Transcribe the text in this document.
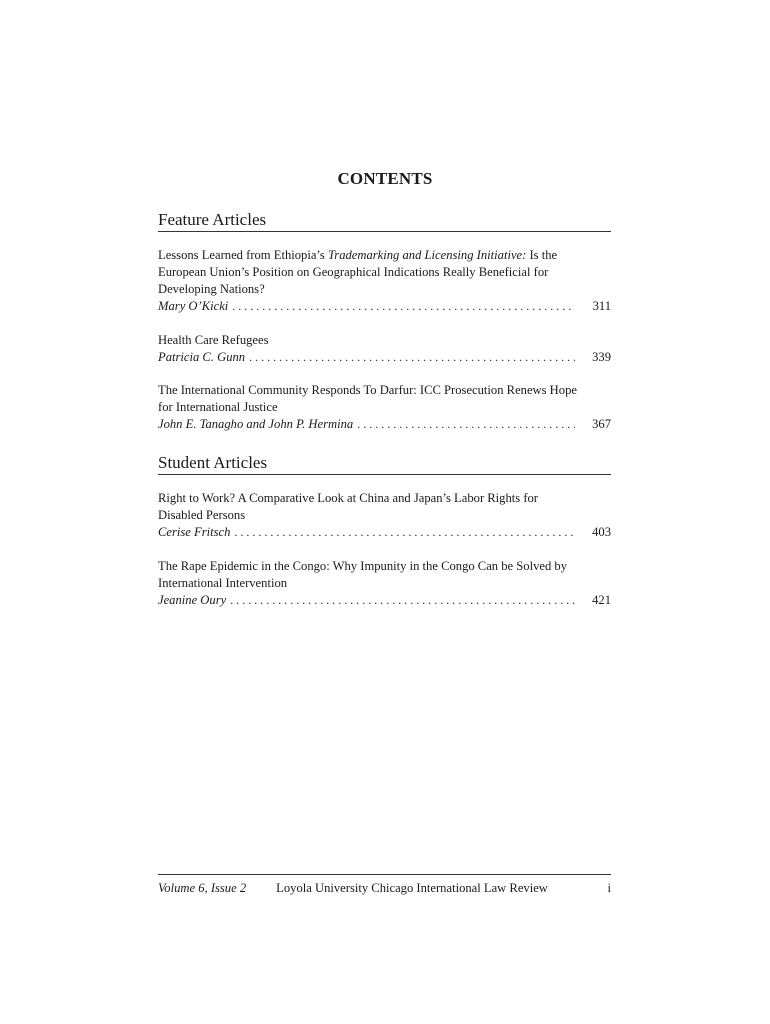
CONTENTS
Feature Articles
Lessons Learned from Ethiopia’s Trademarking and Licensing Initiative: Is the European Union’s Position on Geographical Indications Really Beneficial for Developing Nations?
Mary O’Kicki . . .	311
Health Care Refugees
Patricia C. Gunn . . .	339
The International Community Responds To Darfur: ICC Prosecution Renews Hope for International Justice
John E. Tanagho and John P. Hermina . . .	367
Student Articles
Right to Work? A Comparative Look at China and Japan’s Labor Rights for Disabled Persons
Cerise Fritsch . . .	403
The Rape Epidemic in the Congo: Why Impunity in the Congo Can be Solved by International Intervention
Jeanine Oury . . .	421
Volume 6, Issue 2 Loyola University Chicago International Law Review	i
